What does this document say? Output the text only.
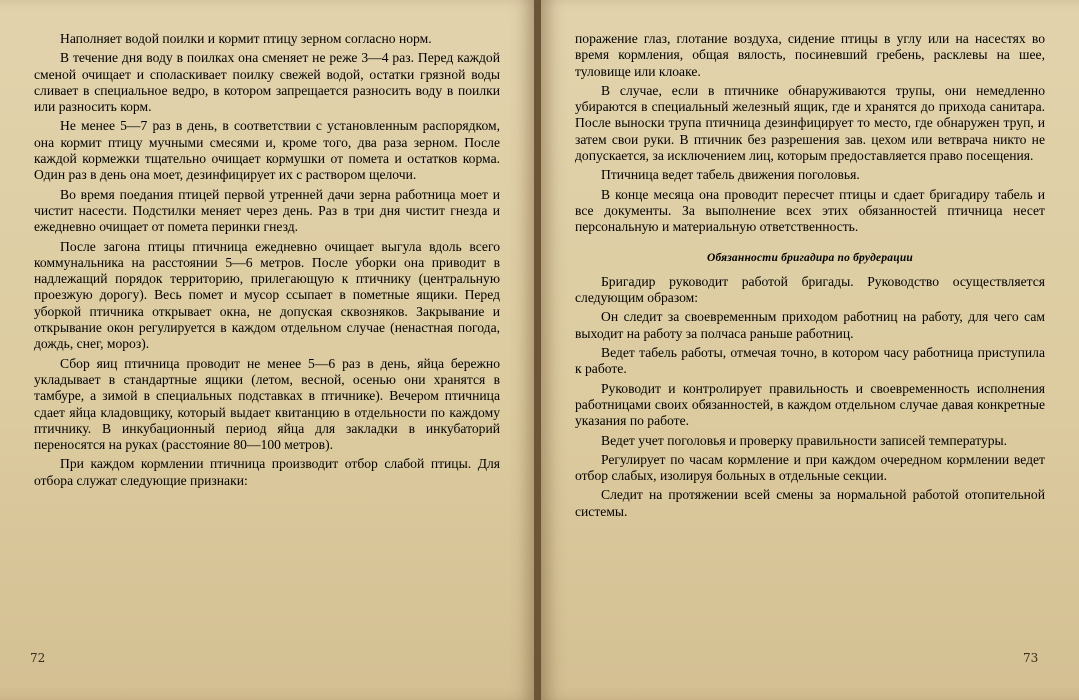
Наполняет водой поилки и кормит птицу зерном согласно норм.

В течение дня воду в поилках она сменяет не реже 3—4 раз. Перед каждой сменой очищает и споласкивает поилку свежей водой, остатки грязной воды сливает в специальное ведро, в котором запрещается разносить воду в поилки или разносить корм.

Не менее 5—7 раз в день, в соответствии с установленным распорядком, она кормит птицу мучными смесями и, кроме того, два раза зерном. После каждой кормежки тщательно очищает кормушки от помета и остатков корма. Один раз в день она моет, дезинфицирует их с раствором щелочи.

Во время поедания птицей первой утренней дачи зерна работница моет и чистит насести. Подстилки меняет через день. Раз в три дня чистит гнезда и ежедневно очищает от помета перинки гнезд.

После загона птицы птичница ежедневно очищает выгула вдоль всего коммунальника на расстоянии 5—6 метров. После уборки она приводит в надлежащий порядок территорию, прилегающую к птичнику (центральную проезжую дорогу). Весь помет и мусор ссыпает в пометные ящики. Перед уборкой птичника открывает окна, не допуская сквозняков. Закрывание и открывание окон регулируется в каждом отдельном случае (ненастная погода, дождь, снег, мороз).

Сбор яиц птичница проводит не менее 5—6 раз в день, яйца бережно укладывает в стандартные ящики (летом, весной, осенью они хранятся в тамбуре, а зимой в специальных подставках в птичнике). Вечером птичница сдает яйца кладовщику, который выдает квитанцию в отдельности по каждому птичнику. В инкубационный период яйца для закладки в инкубаторий переносятся на руках (расстояние 80—100 метров).

При каждом кормлении птичница производит отбор слабой птицы. Для отбора служат следующие признаки:

поражение глаз, глотание воздуха, сидение птицы в углу или на насестях во время кормления, общая вялость, посиневший гребень, расклевы на шее, туловище или клоаке.

В случае, если в птичнике обнаруживаются трупы, они немедленно убираются в специальный железный ящик, где и хранятся до прихода санитара. После выноски трупа птичница дезинфицирует то место, где обнаружен труп, и затем свои руки. В птичник без разрешения зав. цехом или ветврача никто не допускается, за исключением лиц, которым предоставляется право посещения.

Птичница ведет табель движения поголовья.

В конце месяца она проводит пересчет птицы и сдает бригадиру табель и все документы. За выполнение всех этих обязанностей птичница несет персональную и материальную ответственность.

Обязанности бригадира по брудерации

Бригадир руководит работой бригады. Руководство осуществляется следующим образом:

Он следит за своевременным приходом работниц на работу, для чего сам выходит на работу за полчаса раньше работниц.

Ведет табель работы, отмечая точно, в котором часу работница приступила к работе.

Руководит и контролирует правильность и своевременность исполнения работницами своих обязанностей, в каждом отдельном случае давая конкретные указания по работе.

Ведет учет поголовья и проверку правильности записей температуры.

Регулирует по часам кормление и при каждом очередном кормлении ведет отбор слабых, изолируя больных в отдельные секции.

Следит на протяжении всей смены за нормальной работой отопительной системы.

72	73
